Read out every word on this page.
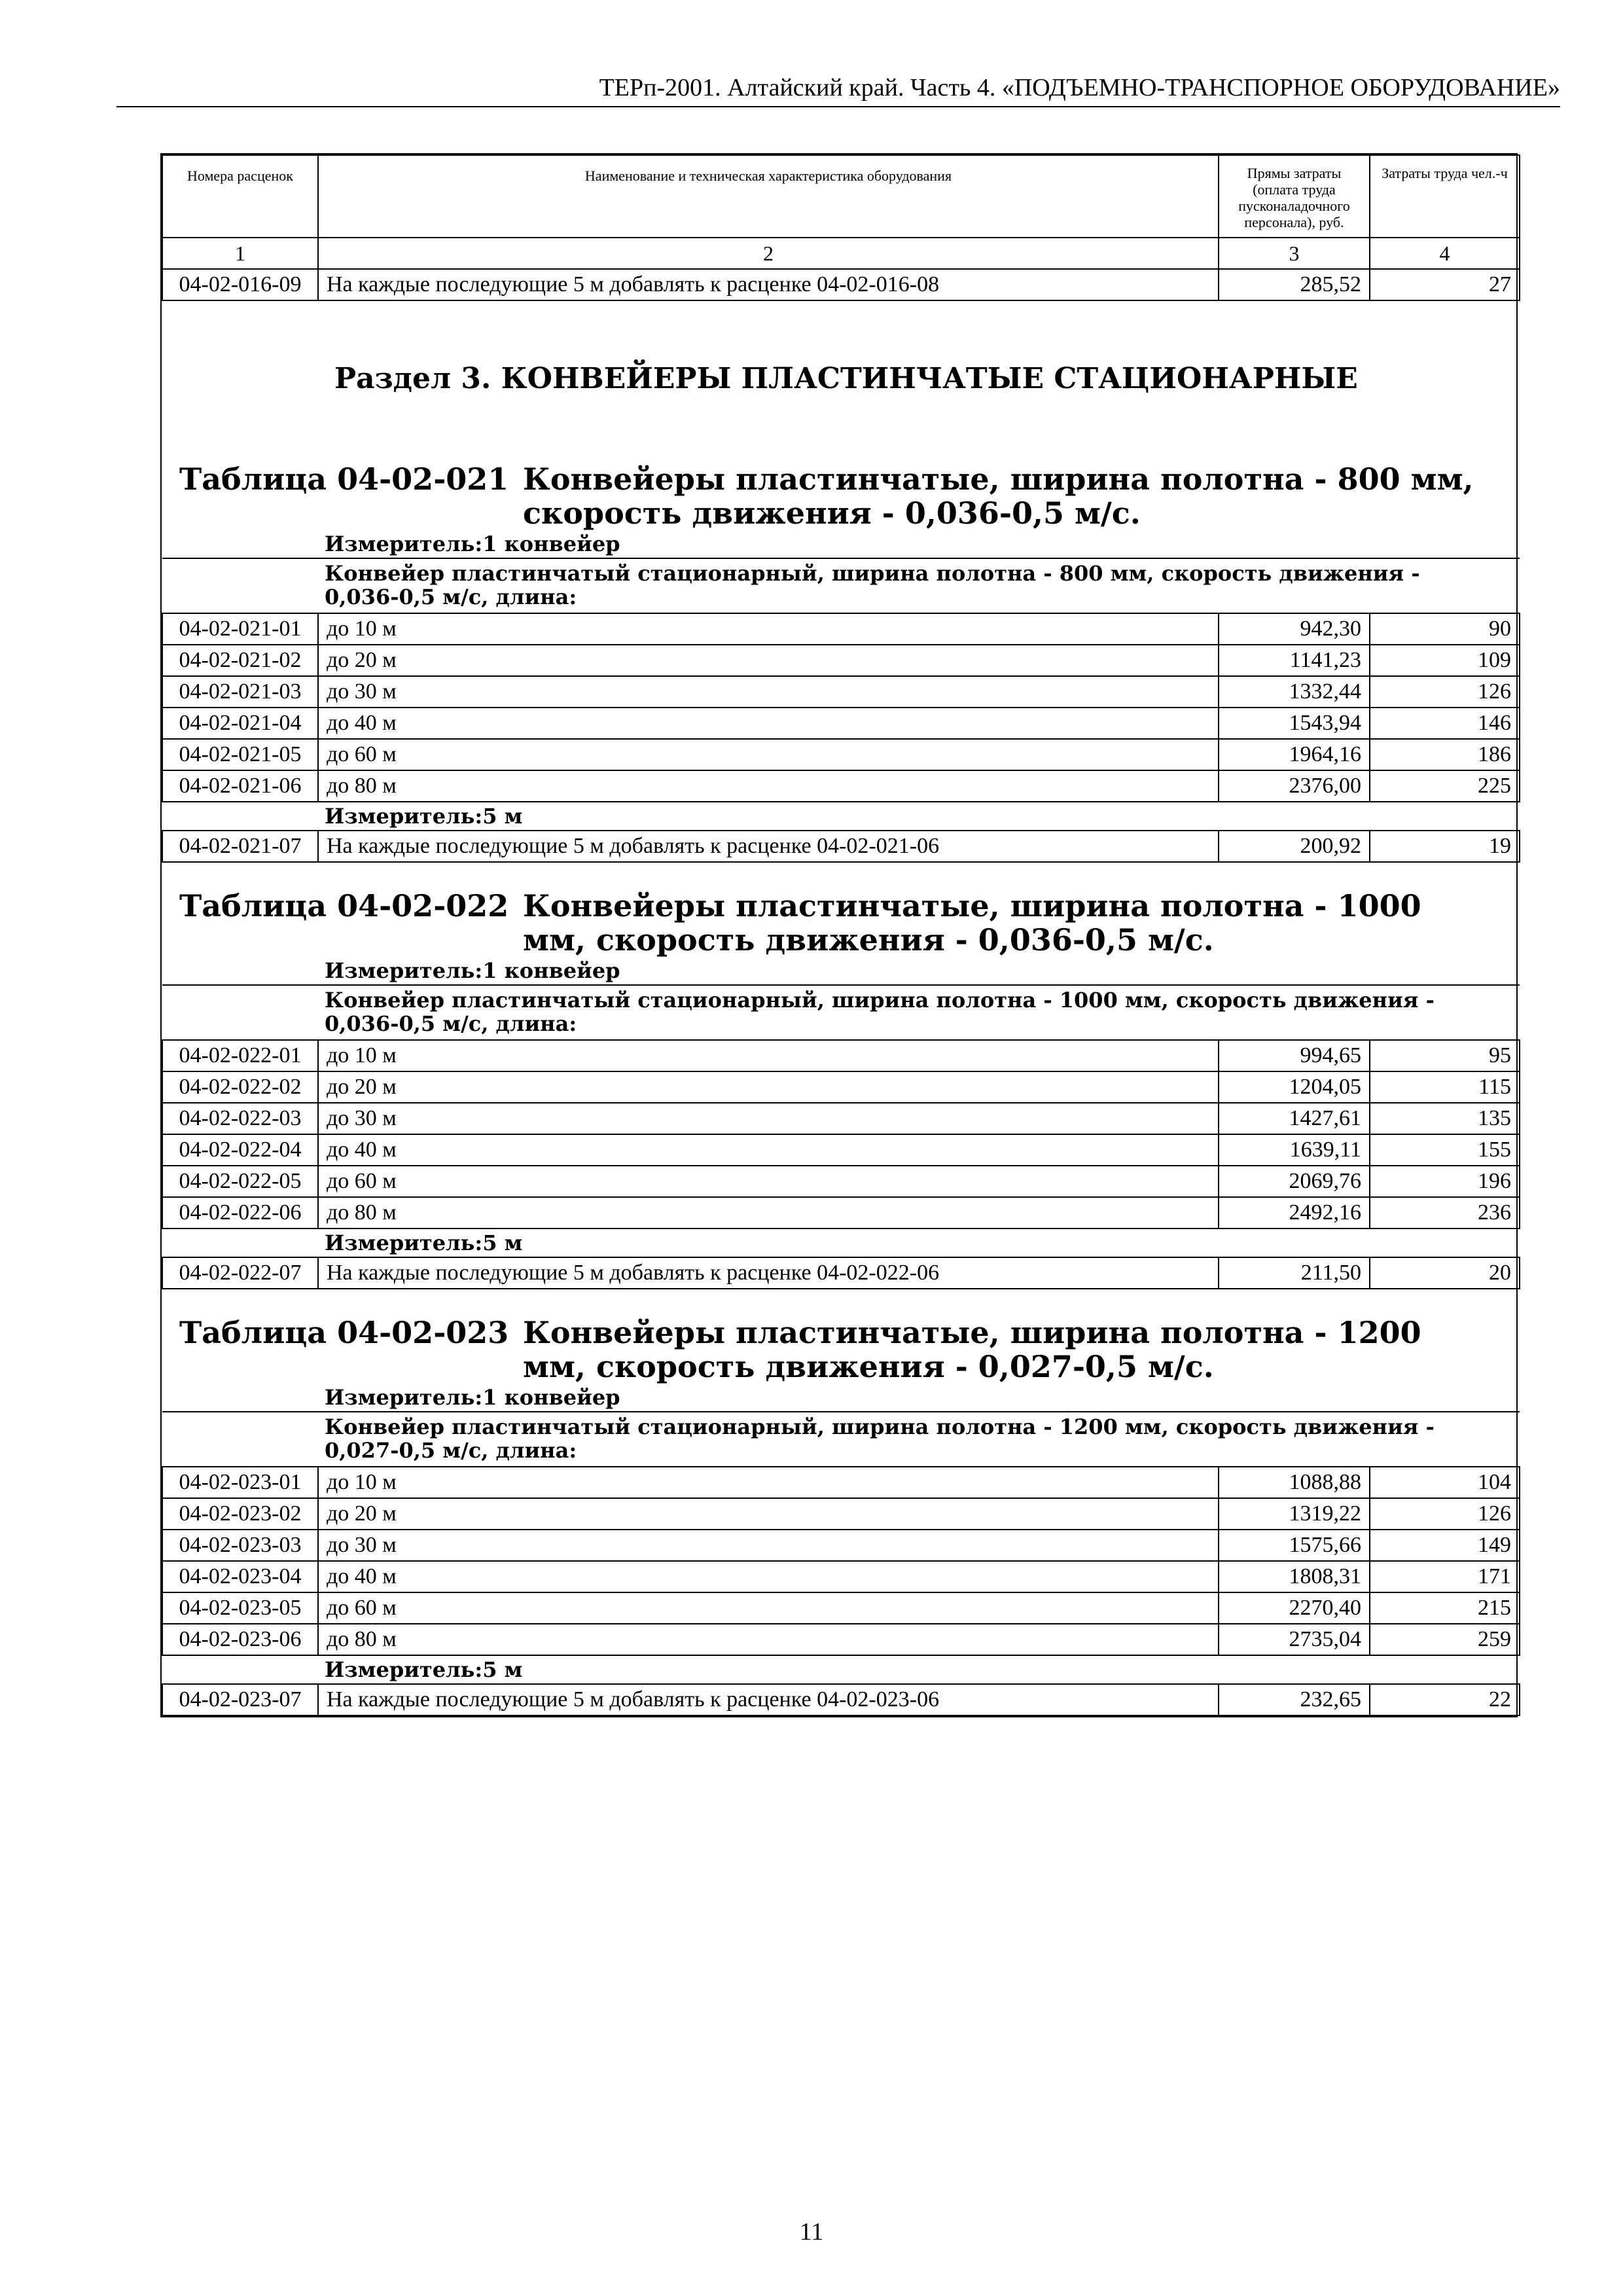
ТЕРп-2001. Алтайский край. Часть 4. «ПОДЪЕМНО-ТРАНСПОРНОЕ ОБОРУДОВАНИЕ»
Номера расценок	Наименование и техническая характеристика оборудования	Прямы затраты (оплата труда пусконаладочного персонала), руб.	Затраты труда чел.-ч
1	2	3	4
04-02-016-09	На каждые последующие 5 м добавлять к расценке 04-02-016-08	285,52	27
Раздел 3. КОНВЕЙЕРЫ ПЛАСТИНЧАТЫЕ СТАЦИОНАРНЫЕ			
Таблица 04-02-021 Конвейеры пластинчатые, ширина полотна - 800 мм, скорость движения - 0,036-0,5 м/с.			

Измеритель:1 конвейер			
Конвейер пластинчатый стационарный, ширина полотна - 800 мм, скорость движения - 0,036-0,5 м/с, длина:			
04-02-021-01	до 10 м	942,30	90
04-02-021-02	до 20 м	1141,23	109
04-02-021-03	до 30 м	1332,44	126
04-02-021-04	до 40 м	1543,94	146
04-02-021-05	до 60 м	1964,16	186
04-02-021-06	до 80 м	2376,00	225
Измеритель:5 м			
04-02-021-07	На каждые последующие 5 м добавлять к расценке 04-02-021-06	200,92	19

Таблица 04-02-022 Конвейеры пластинчатые, ширина полотна - 1000 мм, скорость движения - 0,036-0,5 м/с.			

Измеритель:1 конвейер			
Конвейер пластинчатый стационарный, ширина полотна - 1000 мм, скорость движения - 0,036-0,5 м/с, длина:			
04-02-022-01	до 10 м	994,65	95
04-02-022-02	до 20 м	1204,05	115
04-02-022-03	до 30 м	1427,61	135
04-02-022-04	до 40 м	1639,11	155
04-02-022-05	до 60 м	2069,76	196
04-02-022-06	до 80 м	2492,16	236
Измеритель:5 м			
04-02-022-07	На каждые последующие 5 м добавлять к расценке 04-02-022-06	211,50	20

Таблица 04-02-023 Конвейеры пластинчатые, ширина полотна - 1200 мм, скорость движения - 0,027-0,5 м/с.			

Измеритель:1 конвейер			
Конвейер пластинчатый стационарный, ширина полотна - 1200 мм, скорость движения - 0,027-0,5 м/с, длина:			
04-02-023-01	до 10 м	1088,88	104
04-02-023-02	до 20 м	1319,22	126
04-02-023-03	до 30 м	1575,66	149
04-02-023-04	до 40 м	1808,31	171
04-02-023-05	до 60 м	2270,40	215
04-02-023-06	до 80 м	2735,04	259
Измеритель:5 м			
04-02-023-07	На каждые последующие 5 м добавлять к расценке 04-02-023-06	232,65	22
11
